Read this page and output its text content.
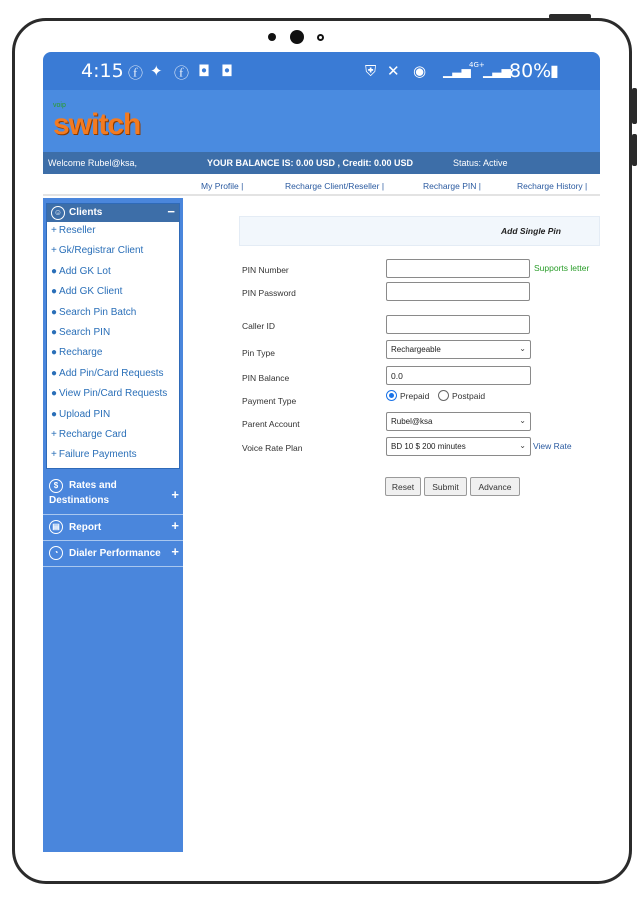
4:15 ⓕ ✦ ⓕ ◘ ◘	⛨ ✕ ◉ ▁▃▅
4G+
▁▃▅
80%
▮
voip
switch
Welcome Rubel@ksa,	YOUR BALANCE IS: 0.00 USD , Credit: 0.00 USD	Status: Active
My Profile |	Recharge Client/Reseller |	Recharge PIN |	Recharge History |
☺ Clients	−
+ Reseller
+ Gk/Registrar Client
● Add GK Lot
● Add GK Client
● Search Pin Batch
● Search PIN
● Recharge
● Add Pin/Card Requests
● View Pin/Card Requests
● Upload PIN
+ Recharge Card
+ Failure Payments
$	Rates and
Destinations	+
▤ Report	+
◔	Dialer Performance +
Add Single Pin
PIN Number	Supports letter
PIN Password
Caller ID
Pin Type	Rechargeable	⌄
PIN Balance	0.0
Payment Type	Prepaid	Postpaid
Parent Account	Rubel@ksa	⌄
Voice Rate Plan	BD 10 $ 200 minutes	⌄ View Rate
Reset	Submit	Advance
